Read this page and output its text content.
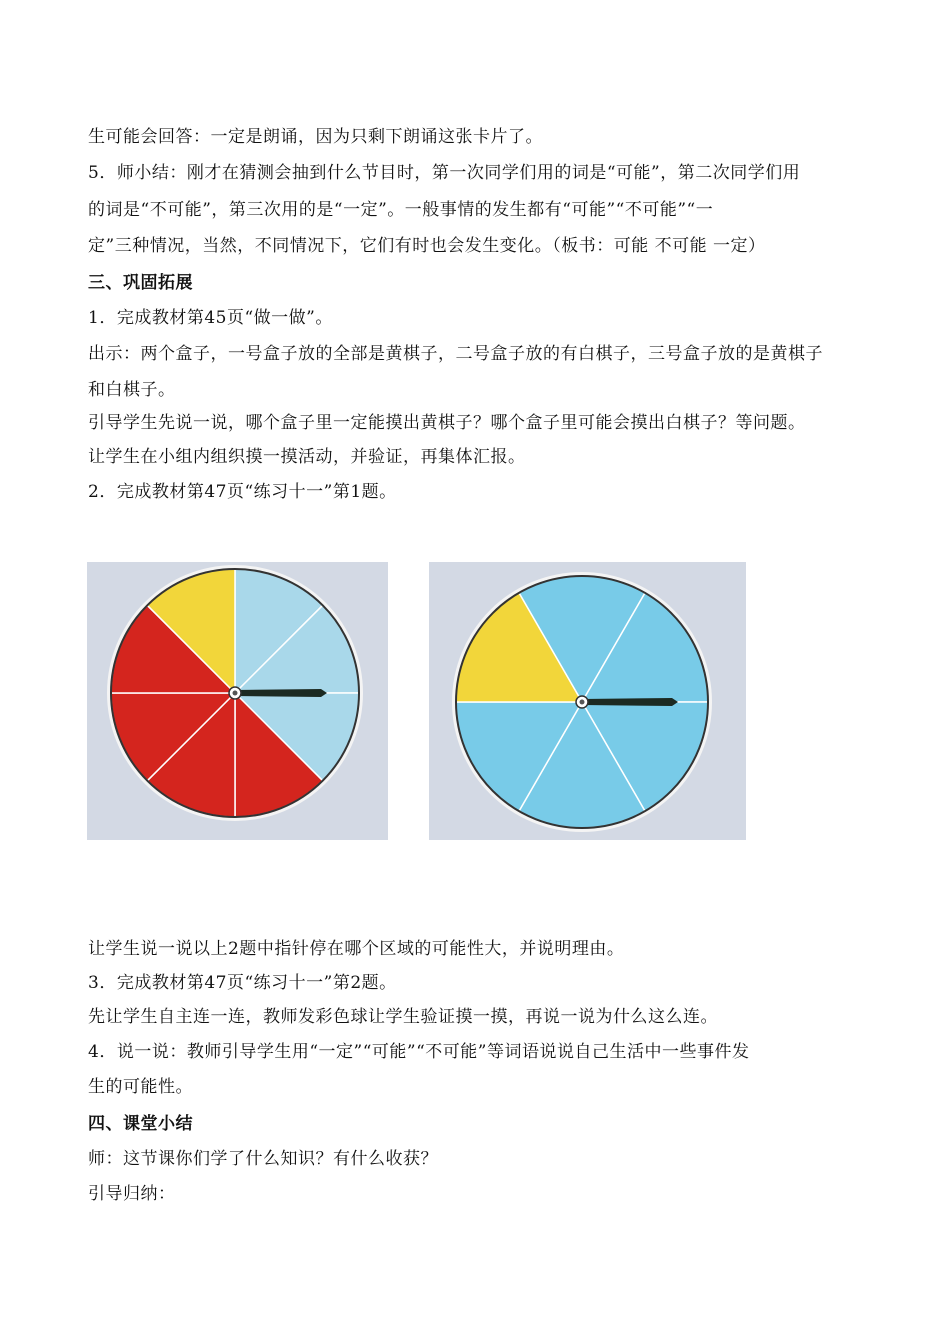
生可能会回答：一定是朗诵，因为只剩下朗诵这张卡片了。
5．师小结：刚才在猜测会抽到什么节目时，第一次同学们用的词是“可能”，第二次同学们用
的词是“不可能”，第三次用的是“一定”。一般事情的发生都有“可能”“不可能”“一
定”三种情况，当然，不同情况下，它们有时也会发生变化。（板书：可能 不可能 一定）
三、巩固拓展
1．完成教材第45页“做一做”。
出示：两个盒子，一号盒子放的全部是黄棋子，二号盒子放的有白棋子，三号盒子放的是黄棋子
和白棋子。
引导学生先说一说，哪个盒子里一定能摸出黄棋子？哪个盒子里可能会摸出白棋子？等问题。
让学生在小组内组织摸一摸活动，并验证，再集体汇报。
2．完成教材第47页“练习十一”第1题。
让学生说一说以上2题中指针停在哪个区域的可能性大，并说明理由。
3．完成教材第47页“练习十一”第2题。
先让学生自主连一连，教师发彩色球让学生验证摸一摸，再说一说为什么这么连。
4．说一说：教师引导学生用“一定”“可能”“不可能”等词语说说自己生活中一些事件发
生的可能性。
四、课堂小结
师：这节课你们学了什么知识？有什么收获？
引导归纳：
